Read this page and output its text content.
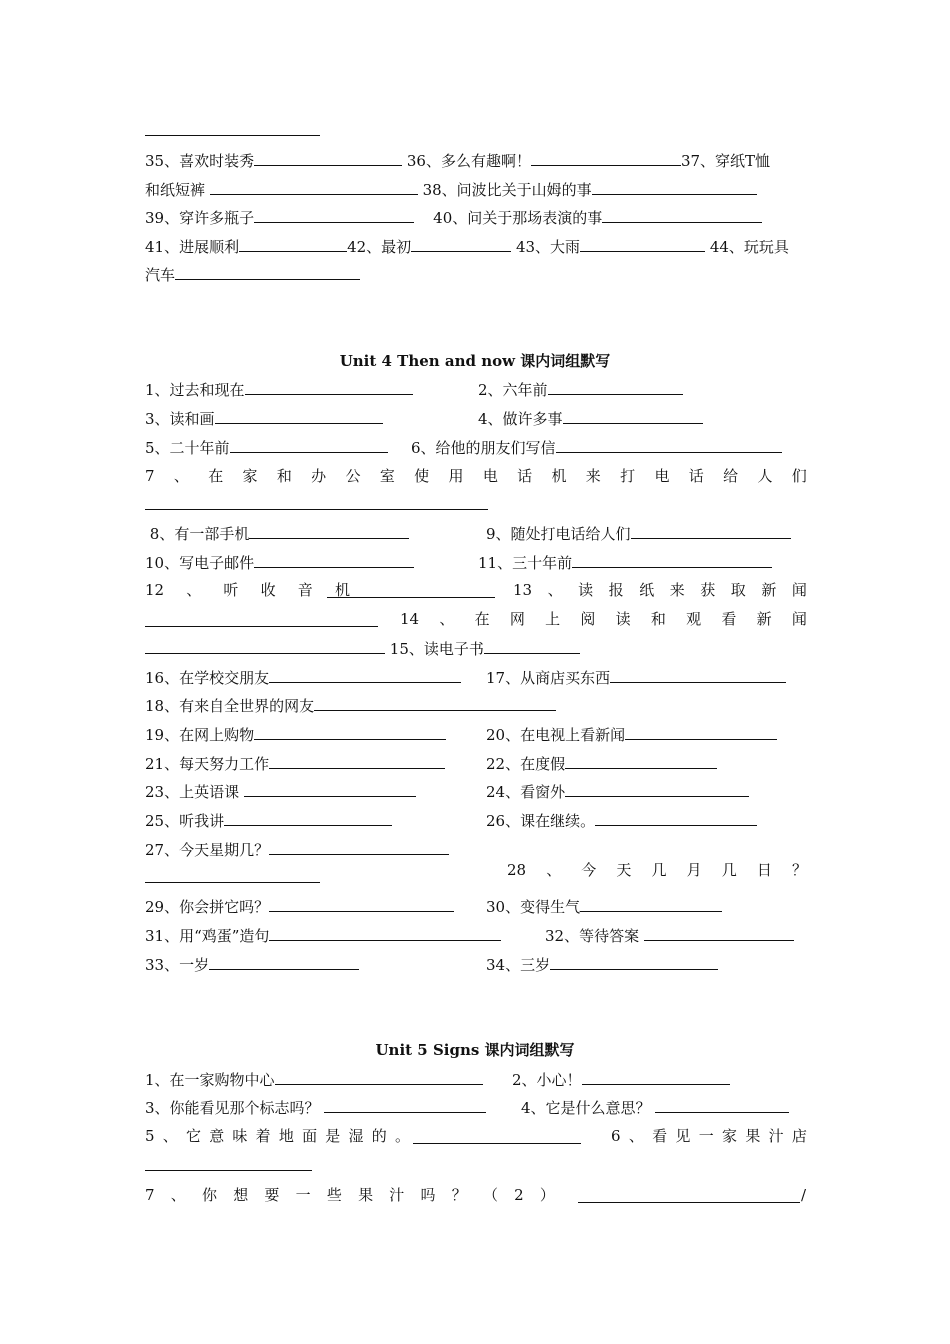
35、喜欢时装秀	36、多么有趣啊！	37、穿纸T恤
和纸短裤	38、问波比关于山姆的事
39、穿许多瓶子	40、问关于那场表演的事
41、进展顺利	42、最初	43、大雨	44、玩玩具
汽车
Unit 4 Then and now 课内词组默写
1、过去和现在	2、六年前
3、读和画	4、做许多事
5、二十年前	6、给他的朋友们写信
7 、 在 家 和 办 公 室 使 用 电 话 机 来 打 电 话 给 人 们
8、有一部手机	9、随处打电话给人们
10、写电子邮件	11、三十年前
12 、 听 收 音 机	13 、 读 报 纸 来 获 取 新 闻
14 、 在 网 上 阅 读 和 观 看 新 闻
15、读电子书
16、在学校交朋友	17、从商店买东西
18、有来自全世界的网友
19、在网上购物	20、在电视上看新闻
21、每天努力工作	22、在度假
23、上英语课	24、看窗外
25、听我讲	26、课在继续。
27、今天星期几？
28 、 今 天 几 月 几 日 ？
29、你会拼它吗？	30、变得生气
31、用“鸡蛋”造句	32、等待答案
33、一岁	34、三岁
Unit 5 Signs 课内词组默写
1、在一家购物中心	2、小心！
3、你能看见那个标志吗？	4、它是什么意思？
5 、 它 意 味 着 地 面 是 湿 的 。	6 、 看 见 一 家 果 汁 店
7 、 你 想 要 一 些 果 汁 吗 ？ （ 2 ）	/
